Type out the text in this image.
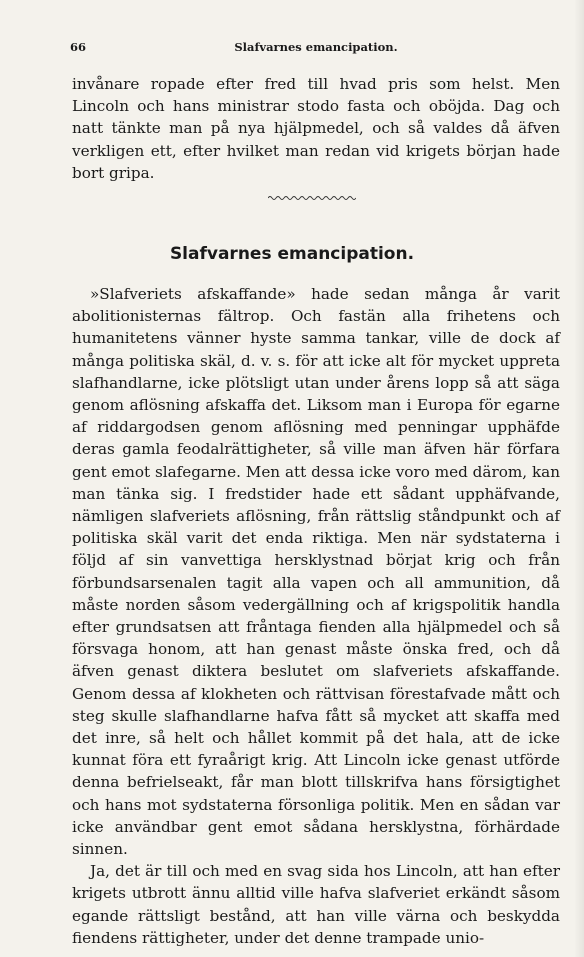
66	Slafvarnes emancipation.

invånare ropade efter fred till hvad pris som helst. Men Lincoln och hans ministrar stodo fasta och oböjda. Dag och natt tänkte man på nya hjälpmedel, och så valdes då äfven verkligen ett, efter hvilket man redan vid krigets början hade bort gripa.

Slafvarnes emancipation.

»Slafveriets afskaffande» hade sedan många år varit abolitionisternas fältrop. Och fastän alla frihetens och humanitetens vänner hyste samma tankar, ville de dock af många politiska skäl, d. v. s. för att icke alt för mycket uppreta slafhandlarne, icke plötsligt utan under årens lopp så att säga genom aflösning afskaffa det. Liksom man i Europa för egarne af riddargodsen genom aflösning med penningar upphäfde deras gamla feodalrättigheter, så ville man äfven här förfara gent emot slafegarne. Men att dessa icke voro med därom, kan man tänka sig. I fredstider hade ett sådant upphäfvande, nämligen slafveriets aflösning, från rättslig ståndpunkt och af politiska skäl varit det enda riktiga. Men när sydstaterna i följd af sin vanvettiga hersklystnad börjat krig och från förbundsarsenalen tagit alla vapen och all ammunition, då måste norden såsom vedergällning och af krigspolitik handla efter grundsatsen att fråntaga fienden alla hjälpmedel och så försvaga honom, att han genast måste önska fred, och då äfven genast diktera beslutet om slafveriets afskaffande. Genom dessa af klokheten och rättvisan förestafvade mått och steg skulle slafhandlarne hafva fått så mycket att skaffa med det inre, så helt och hållet kommit på det hala, att de icke kunnat föra ett fyraårigt krig. Att Lincoln icke genast utförde denna befrielseakt, får man blott tillskrifva hans försigtighet och hans mot sydstaterna försonliga politik. Men en sådan var icke användbar gent emot sådana hersklystna, förhärdade sinnen.

Ja, det är till och med en svag sida hos Lincoln, att han efter krigets utbrott ännu alltid ville hafva slafveriet erkändt såsom egande rättsligt bestånd, att han ville värna och beskydda fiendens rättigheter, under det denne trampade unio-
